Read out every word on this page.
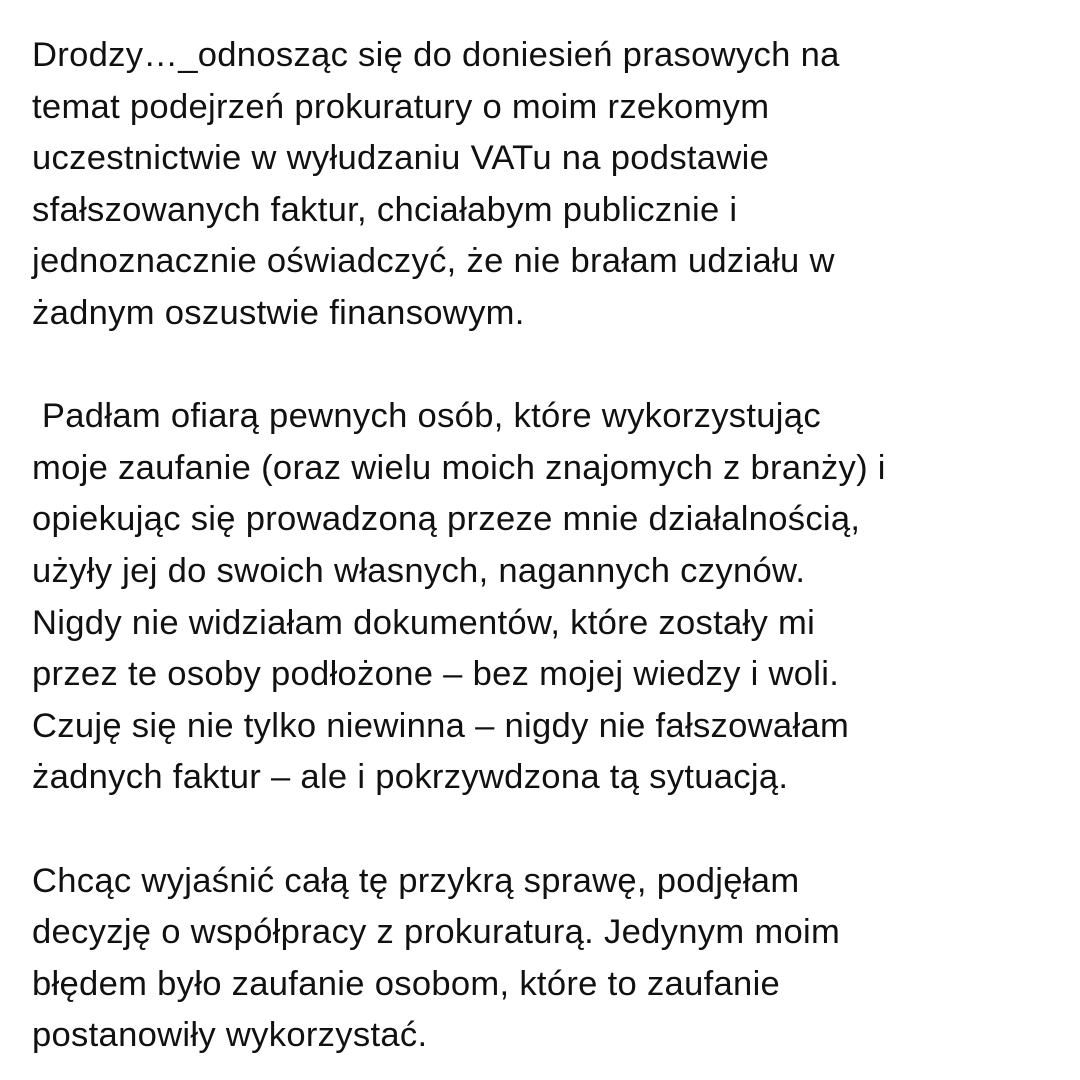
Drodzy…_odnosząc się do doniesień prasowych na
temat podejrzeń prokuratury o moim rzekomym
uczestnictwie w wyłudzaniu VATu na podstawie
sfałszowanych faktur, chciałabym publicznie i
jednoznacznie oświadczyć, że nie brałam udziału w
żadnym oszustwie finansowym.
Padłam ofiarą pewnych osób, które wykorzystując
moje zaufanie (oraz wielu moich znajomych z branży) i
opiekując się prowadzoną przeze mnie działalnością,
użyły jej do swoich własnych, nagannych czynów.
Nigdy nie widziałam dokumentów, które zostały mi
przez te osoby podłożone – bez mojej wiedzy i woli.
Czuję się nie tylko niewinna – nigdy nie fałszowałam
żadnych faktur – ale i pokrzywdzona tą sytuacją.
Chcąc wyjaśnić całą tę przykrą sprawę, podjęłam
decyzję o współpracy z prokuraturą. Jedynym moim
błędem było zaufanie osobom, które to zaufanie
postanowiły wykorzystać.
